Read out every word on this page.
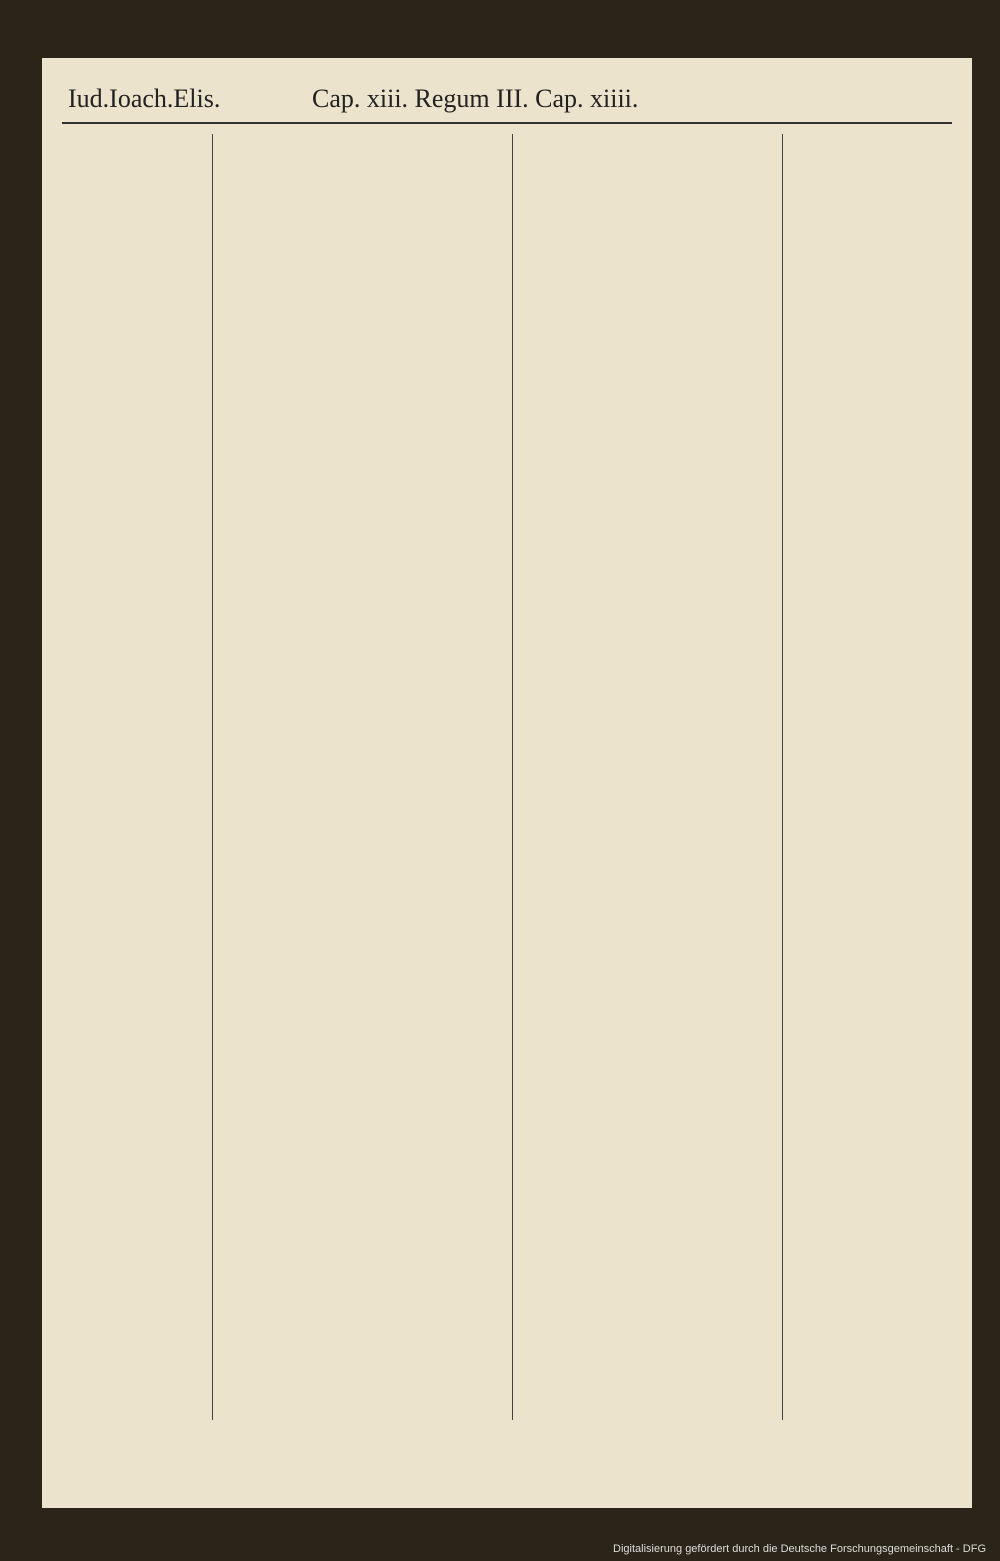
Iud.Ioach.Elis.	Cap. xiii. Regum III. Cap. xiiii.
Digitalisierung gefördert durch die Deutsche Forschungsgemeinschaft - DFG
